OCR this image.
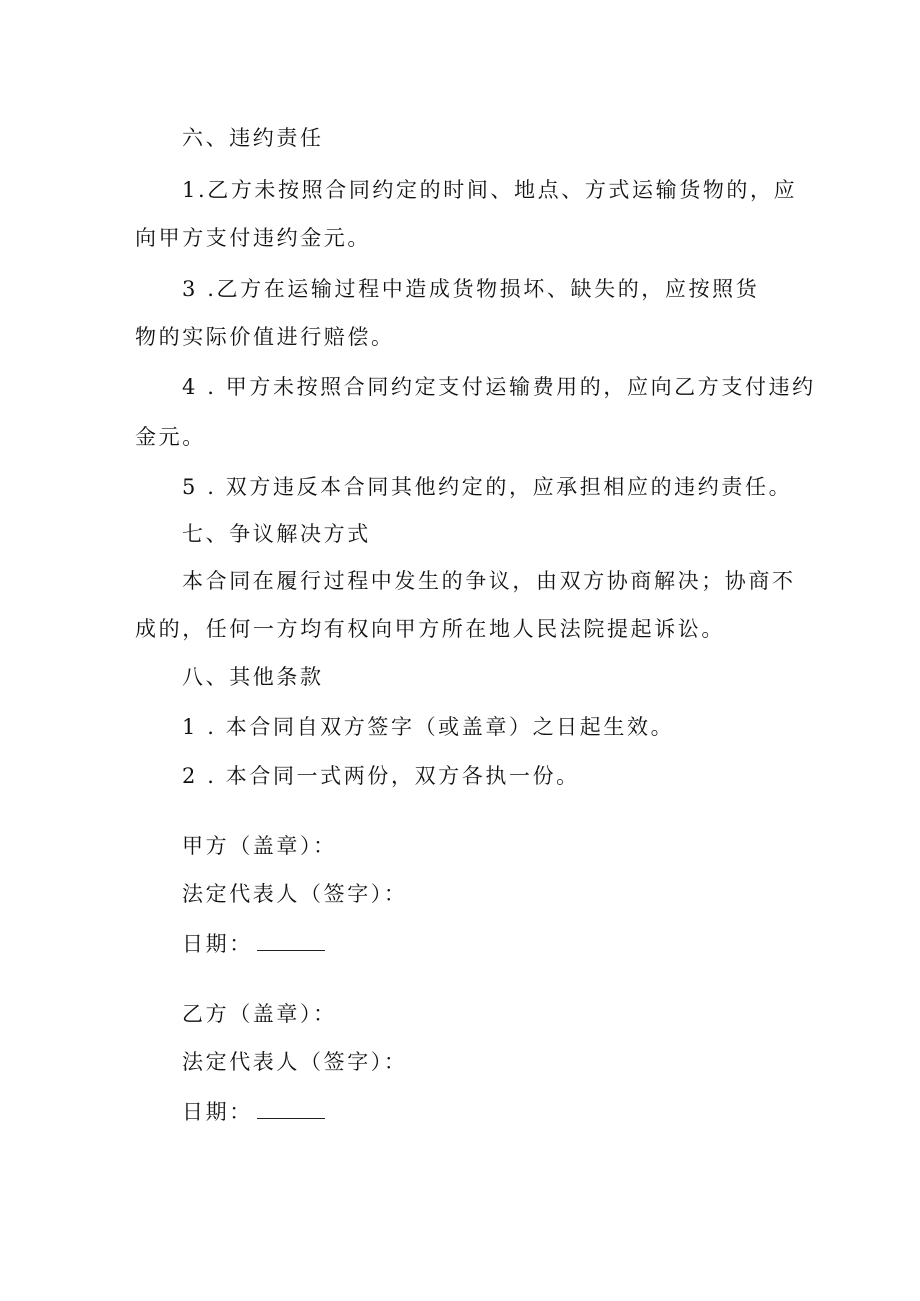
六、违约责任
1.乙方未按照合同约定的时间、地点、方式运输货物的，应
向甲方支付违约金元。
3 .乙方在运输过程中造成货物损坏、缺失的，应按照货
物的实际价值进行赔偿。
4 . 甲方未按照合同约定支付运输费用的，应向乙方支付违约
金元。
5 . 双方违反本合同其他约定的，应承担相应的违约责任。
七、争议解决方式
本合同在履行过程中发生的争议，由双方协商解决；协商不
成的，任何一方均有权向甲方所在地人民法院提起诉讼。
八、其他条款
1 . 本合同自双方签字（或盖章）之日起生效。
2 . 本合同一式两份，双方各执一份。
甲方（盖章）：
法定代表人（签字）：
日期：
乙方（盖章）：
法定代表人（签字）：
日期：
